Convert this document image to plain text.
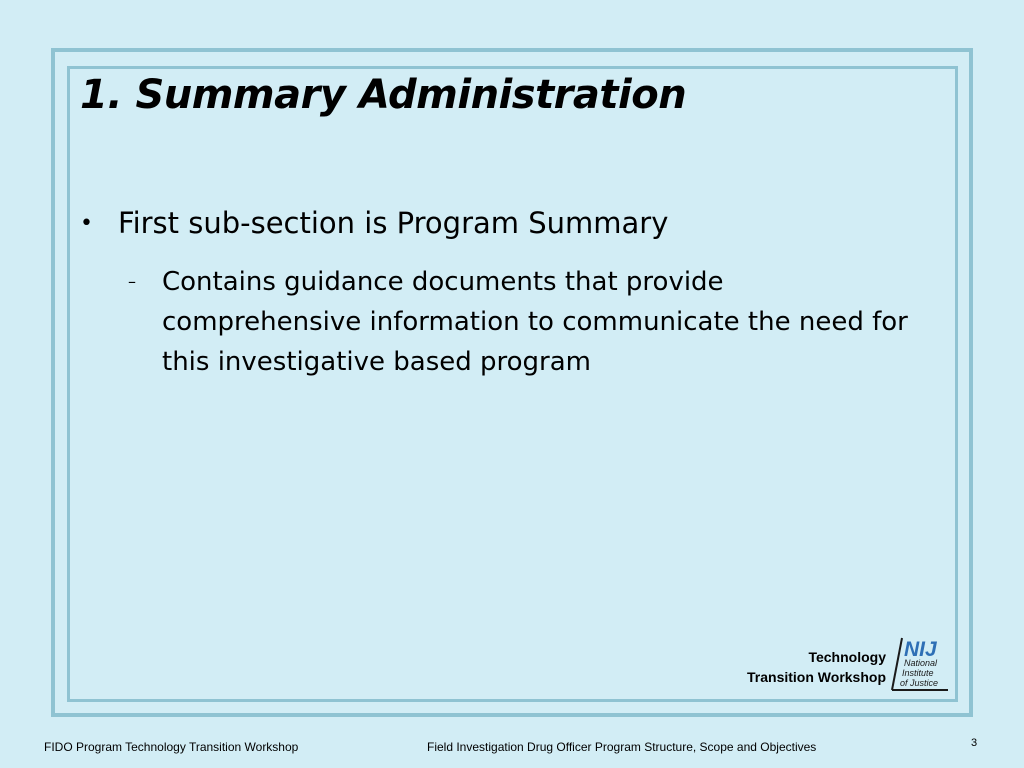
1. Summary Administration
• First sub-section is Program Summary
– Contains guidance documents that provide comprehensive information to communicate the need for this investigative based program
Technology
Transition Workshop
NIJ
National
Institute
of Justice
FIDO Program Technology Transition Workshop	Field Investigation Drug Officer Program Structure, Scope and Objectives	3
